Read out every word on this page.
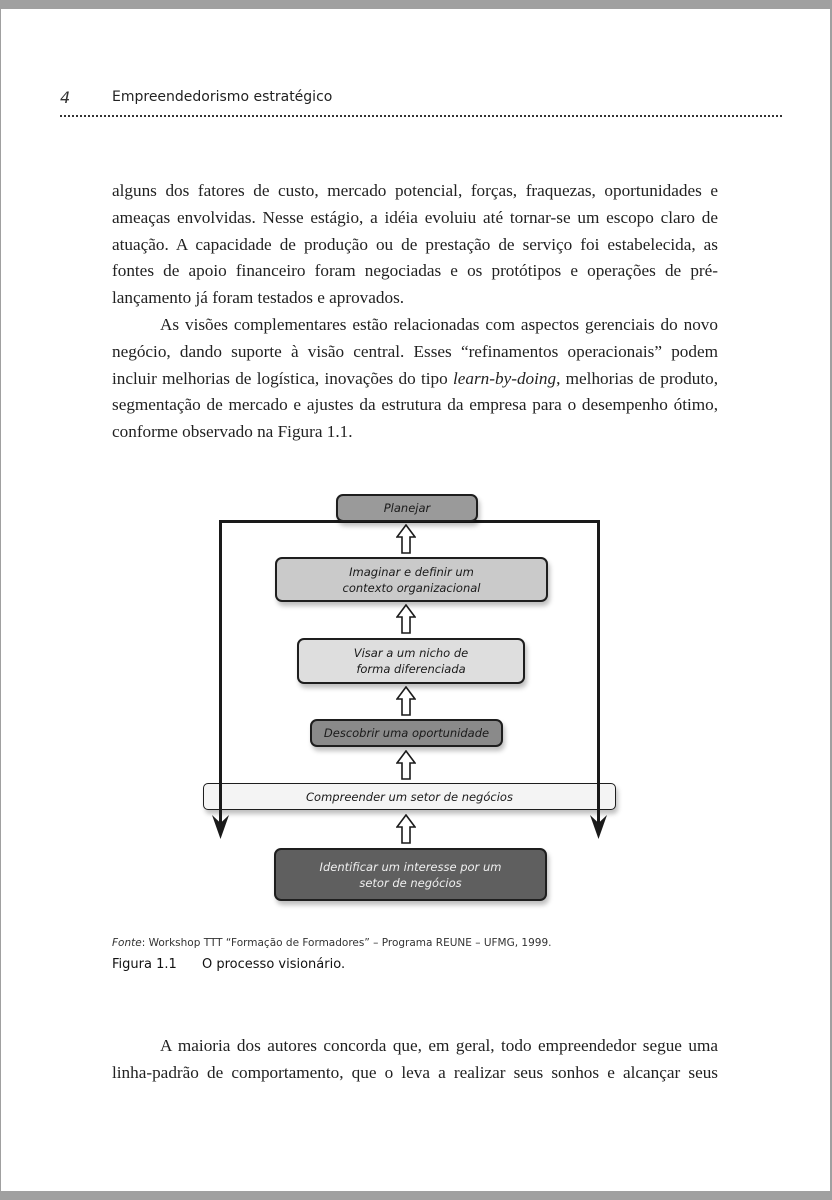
4	Empreendedorismo estratégico

alguns dos fatores de custo, mercado potencial, forças, fraquezas, oportunidades e ameaças envolvidas. Nesse estágio, a idéia evoluiu até tornar-se um escopo claro de atuação. A capacidade de produção ou de prestação de serviço foi estabelecida, as fontes de apoio financeiro foram negociadas e os protótipos e operações de pré-lançamento já foram testados e aprovados.

As visões complementares estão relacionadas com aspectos gerenciais do novo negócio, dando suporte à visão central. Esses “refinamentos operacionais” podem incluir melhorias de logística, inovações do tipo learn-by-doing, melhorias de produto, segmentação de mercado e ajustes da estrutura da empresa para o desempenho ótimo, conforme observado na Figura 1.1.

Planejar
Imaginar e definir um contexto organizacional
Visar a um nicho de forma diferenciada
Descobrir uma oportunidade
Compreender um setor de negócios
Identificar um interesse por um setor de negócios
Fonte: Workshop TTT “Formação de Formadores” – Programa REUNE – UFMG, 1999.
Figura 1.1 O processo visionário.

A maioria dos autores concorda que, em geral, todo empreendedor segue uma linha-padrão de comportamento, que o leva a realizar seus sonhos e alcançar seus
